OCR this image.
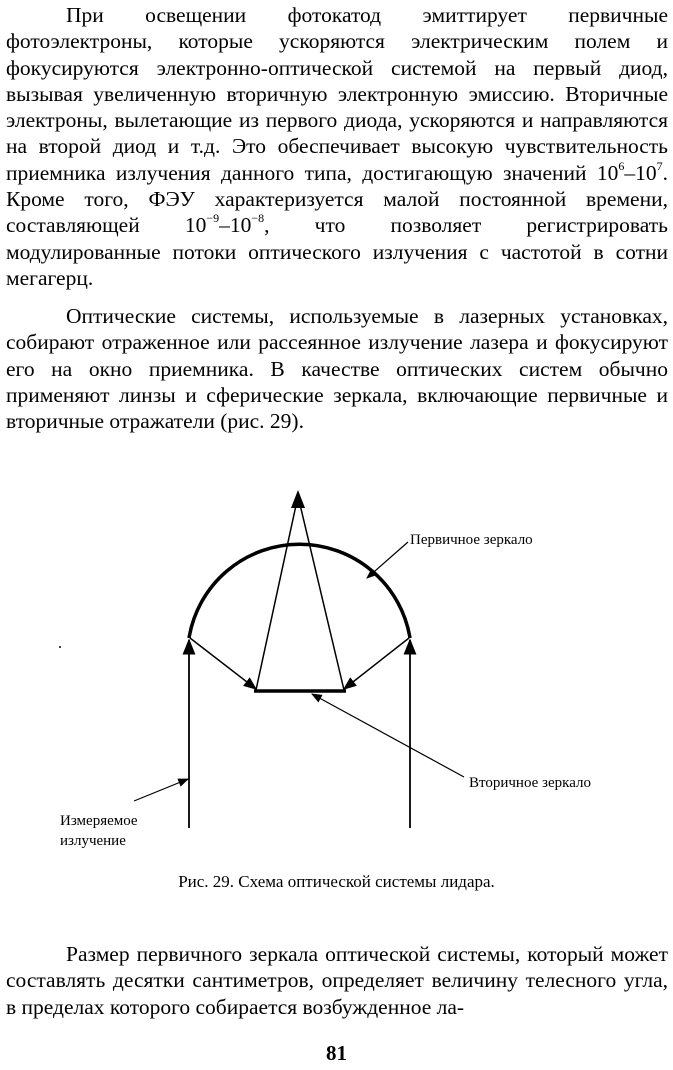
При освещении фотокатод эмиттирует первичные фотоэлектроны, которые ускоряются электрическим полем и фокусируются электронно-оптической системой на первый диод, вызывая увеличенную вторичную электронную эмиссию. Вторичные электроны, вылетающие из первого диода, ускоряются и направляются на второй диод и т.д. Это обеспечивает высокую чувствительность приемника излучения данного типа, достигающую значений $10^6-10^7$. Кроме того, ФЭУ характеризуется малой постоянной времени, составляющей $10^{-9}-10^{-8}$, что позволяет регистрировать модулированные потоки оптического излучения с частотой в сотни мегагерц.

Оптические системы, используемые в лазерных установках, собирают отраженное или рассеянное излучение лазера и фокусируют его на окно приемника. В качестве оптических систем обычно применяют линзы и сферические зеркала, включающие первичные и вторичные отражатели (рис. 29).

Первичное зеркало
Вторичное зеркало
Измеряемое
излучение
Рис. 29. Схема оптической системы лидара.

Размер первичного зеркала оптической системы, который может составлять десятки сантиметров, определяет величину телесного угла, в пределах которого собирается возбужденное ла-

81
